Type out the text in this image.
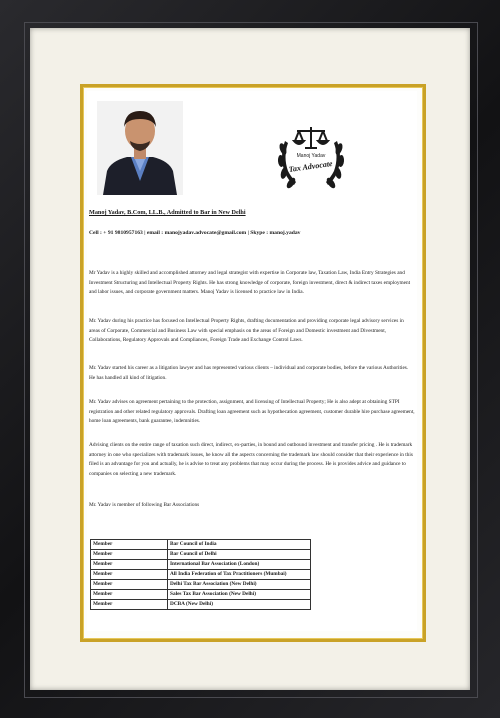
Manoj Yadav
Tax Advocate
Manoj Yadav, B.Com, LL.B., Admitted to Bar in New Delhi
Cell : + 91 9810957163 | email : manojyadav.advocate@gmail.com | Skype : manoj.yadav
Mr Yadav is a highly skilled and accomplished attorney and legal strategist with expertise in Corporate law, Taxation Law, India Entry Strategies and Investment Structuring and Intellectual Property Rights. He has strong knowledge of corporate, foreign investment, direct & indirect taxes employment and labor issues, and corporate government matters. Manoj Yadav is licensed to practice law in India.
Mr. Yadav during his practice has focused on Intellectual Property Rights, drafting documentation and providing corporate legal advisory services in areas of Corporate, Commercial and Business Law with special emphasis on the areas of Foreign and Domestic investment and Divestment, Collaborations, Regulatory Approvals and Compliances, Foreign Trade and Exchange Control Laws.
Mr. Yadav started his career as a litigation lawyer and has represented various clients – individual and corporate bodies, before the various Authorities. He has handled all kind of litigation.
Mr. Yadav advises on agreement pertaining to the protection, assignment, and licensing of Intellectual Property; He is also adept at obtaining STPI registration and other related regulatory approvals. Drafting loan agreement such as hypothecation agreement, customer durable hire purchase agreement, home loan agreements, bank guarantee, indemnities.
Advising clients on the entire range of taxation such direct, indirect, ex-parties, in bound and outbound investment and transfer pricing . He is trademark attorney in one who specializes with trademark issues, he know all the aspects concerning the trademark law should consider that their experience in this filed is an advantage for you and actually, he is advise to treat any problems that may occur during the process. He is provides advice and guidance to companies on selecting a new trademark.
Mr. Yadav is member of following Bar Associations
Member	Bar Council of India
Member	Bar Council of Delhi
Member	International Bar Association (London)
Member	All India Federation of Tax Practitioners (Mumbai)
Member	Delhi Tax Bar Association (New Delhi)
Member	Sales Tax Bar Association (New Delhi)
Member	DCBA (New Delhi)
